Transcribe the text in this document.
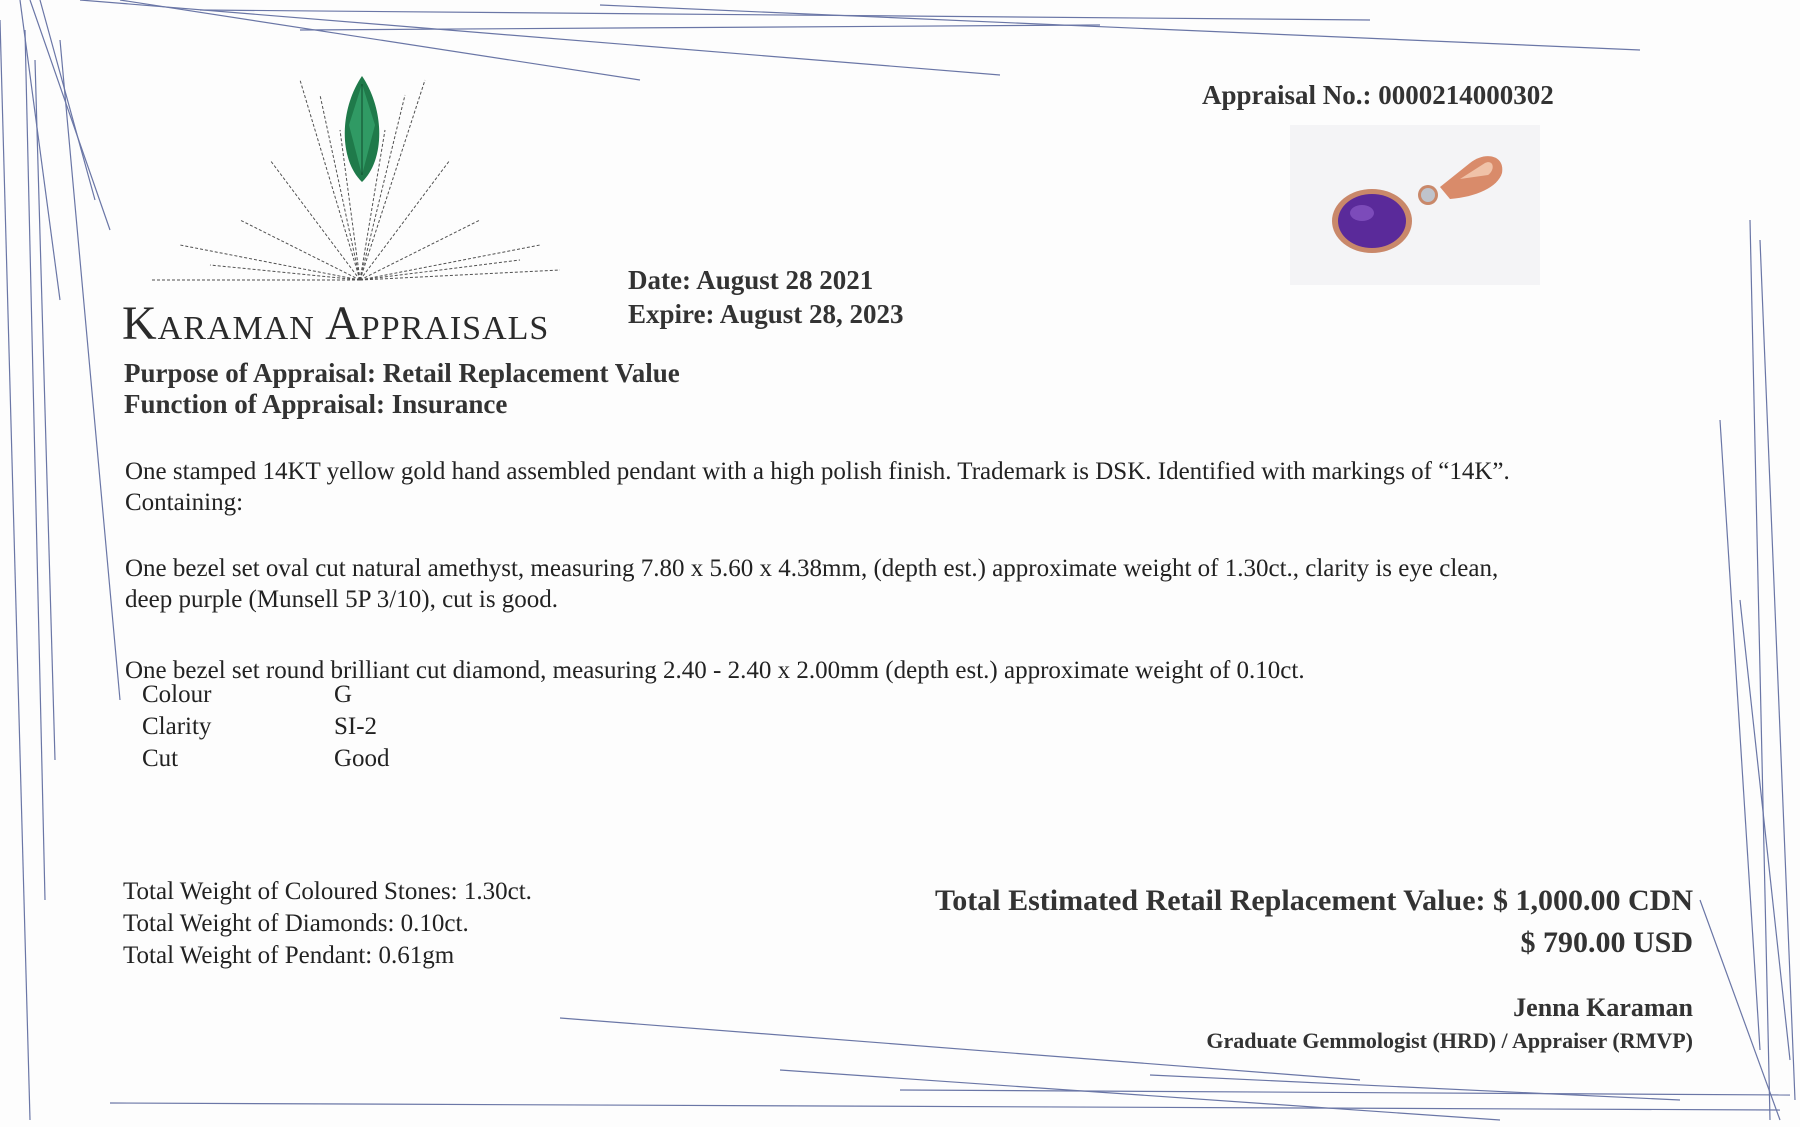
Karaman Appraisals
Appraisal No.: 0000214000302
Date: August 28 2021
Expire: August 28, 2023
Purpose of Appraisal: Retail Replacement Value
Function of Appraisal: Insurance
One stamped 14KT yellow gold hand assembled pendant with a high polish finish. Trademark is DSK. Identified with markings of “14K”.
Containing:
One bezel set oval cut natural amethyst, measuring 7.80 x 5.60 x 4.38mm, (depth est.) approximate weight of 1.30ct., clarity is eye clean,
deep purple (Munsell 5P 3/10), cut is good.
One bezel set round brilliant cut diamond, measuring 2.40 - 2.40 x 2.00mm (depth est.) approximate weight of 0.10ct.
Colour	G
Clarity	SI-2
Cut	Good
Total Weight of Coloured Stones: 1.30ct.
Total Weight of Diamonds: 0.10ct.
Total Weight of Pendant: 0.61gm
Total Estimated Retail Replacement Value: $ 1,000.00 CDN
$ 790.00 USD
Jenna Karaman
Graduate Gemmologist (HRD) / Appraiser (RMVP)
